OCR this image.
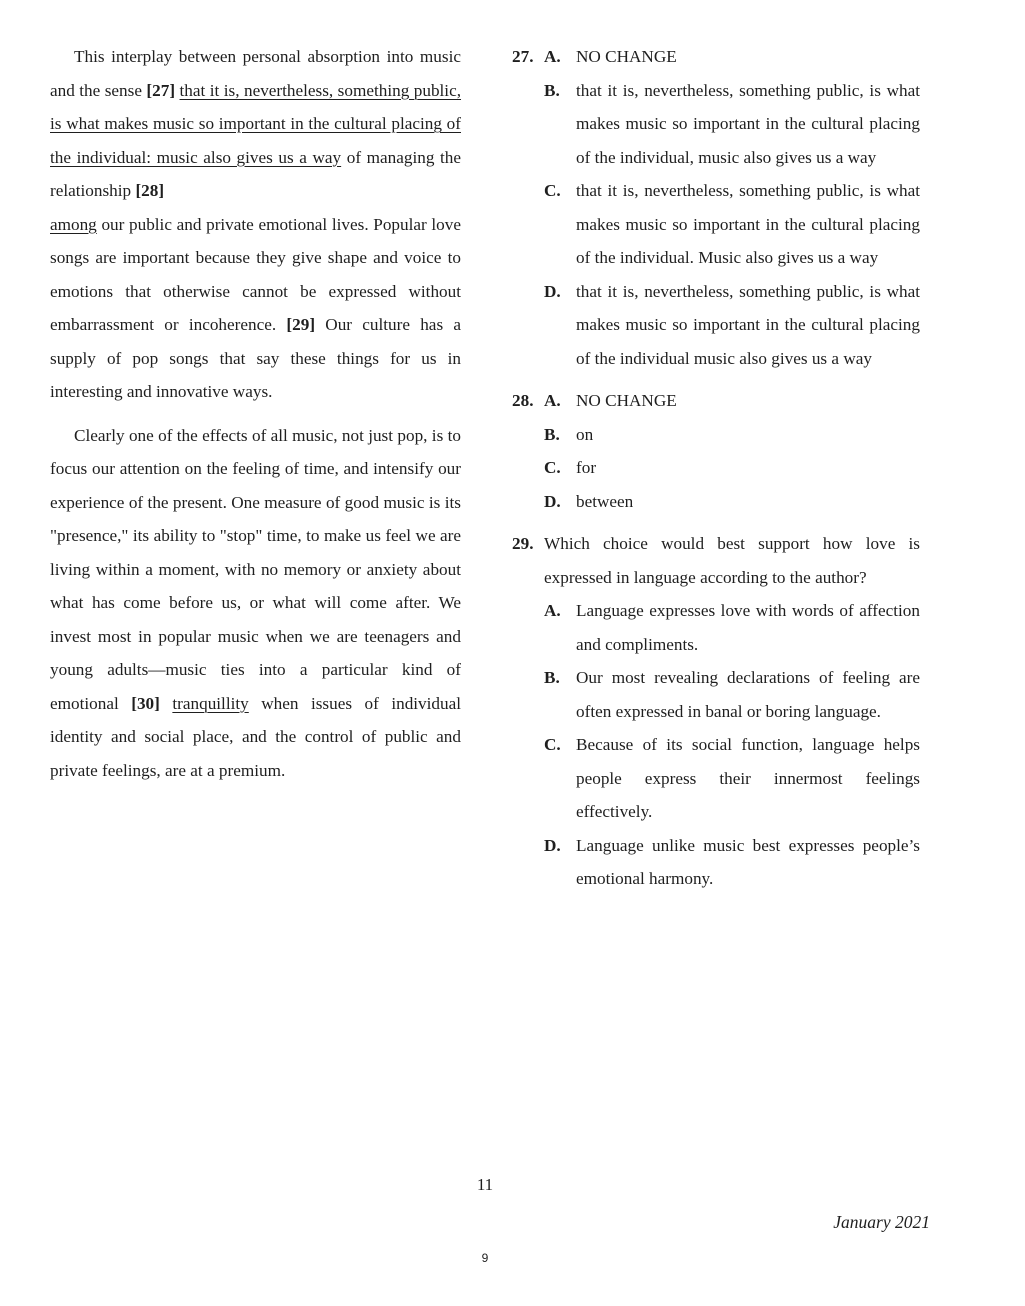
This interplay between personal absorption into music and the sense [27] that it is, nevertheless, something public, is what makes music so important in the cultural placing of the individual: music also gives us a way of managing the relationship [28]
among our public and private emotional lives. Popular love songs are important because they give shape and voice to emotions that otherwise cannot be expressed without embarrassment or incoherence. [29] Our culture has a supply of pop songs that say these things for us in interesting and innovative ways.

Clearly one of the effects of all music, not just pop, is to focus our attention on the feeling of time, and intensify our experience of the present. One measure of good music is its "presence," its ability to "stop" time, to make us feel we are living within a moment, with no memory or anxiety about what has come before us, or what will come after. We invest most in popular music when we are teenagers and young adults—music ties into a particular kind of emotional [30] tranquillity when issues of individual identity and social place, and the control of public and private feelings, are at a premium.

27. A. NO CHANGE
B. that it is, nevertheless, something public, is what makes music so important in the cultural placing of the individual, music also gives us a way
C. that it is, nevertheless, something public, is what makes music so important in the cultural placing of the individual. Music also gives us a way
D. that it is, nevertheless, something public, is what makes music so important in the cultural placing of the individual music also gives us a way
28. A. NO CHANGE
B. on
C. for
D. between
29. Which choice would best support how love is expressed in language according to the author?
A. Language expresses love with words of affection and compliments.
B. Our most revealing declarations of feeling are often expressed in banal or boring language.
C. Because of its social function, language helps people express their innermost feelings effectively.
D. Language unlike music best expresses people’s emotional harmony.
11
January 2021
9
